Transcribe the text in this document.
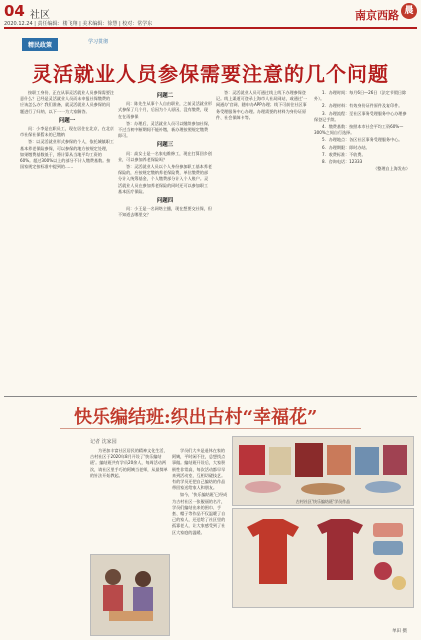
04 社区
2020.12.24 | 责任编辑：楼飞翔 | 美术编辑：徐慧 | 校对：常学东
南京西路 晨
精民政策	学习贯彻
灵活就业人员参保需要注意的几个问题

按职工身份、正在从事灵活就业人员参保需要注意什么？已经是灵活就业人员而未申报社保缴费的应该怎么办？我们准备，就灵活就业人员参保的问题进行了归纳，以下一一为大家解答。

问题一

问：小李是在职员工，现在居住在北京，在北京市社保社保暂未的已缴纳

答：以灵活就业形式参保的个人，依托城镇职工基本养老保险参保，可以参保的地方按规定处理，如果缴费基数低于，将计算从当地平均工资的60%。超过300%以上的部分不计入缴费基数。按国家规定按标准中提到的……

问题二

问：陈先生从事个人自由职业，之前灵活就业形式参保了几个月，后因为个人原因，没有缴费，现在在再参保

答：办理后，灵活就业人员可以继续参加社保，不过当初中断期间不能补缴，新办理按照规定缴费即可。

问题三

问：高女士是一名家电维修工，现在打算回乡创业，可以参加养老保险吗？

答：灵活就业人员以个人身份参加职工基本养老保险的，应按规定缴纳养老保险费，单位缴费的部分计入统筹基金，个人缴费部分计入个人账户。灵活就业人员在参加养老保险的同时还可以参加职工基本医疗保险。

问题四

问：小王是一名网络主播，现在想要交社保，但不知道去哪里交？

答：灵活就业人员可通过线上线下办理参保登记。线上渠道可登录上海市人社局网站，或通过'一网通办'官网、随申办APP办理；线下可前往社区事务受理服务中心办理。办理需要的材料为身份证原件、社会保障卡等。

1．办理时间：每月6日—26日（法定节假日除外）。

2．办理材料：有效身份证件原件及复印件。

3．办理流程：至社区事务受理服务中心办理参保登记手续。

4．缴费基数：按照本市社会平均工资60%—300%之间自行选择。

5．办理地点：各区社区事务受理服务中心。

6．办理期限：即时办结。

7．收费标准：不收费。

8．咨询电话：12333

（整理自上海发布）

快乐编结班:织出古村“幸福花”
记者 沈家园

为更加丰富社区居民的精神文化生活，古村社区于2020年8月开设了'快乐编结班'。编结班共有学员20余人，每周活动两次，请社区里手巧的阿姨当老师，从最简单的针法开始教起。

学员们大多是退休在家的阿姨，平时闲不住，总想找点事做。编结班开设后，大家积极性非常高，每次活动都早早来到活动室，互相切磋技艺。有的学员还把自己编结的作品带回家送给家人和朋友。

如今，'快乐编结班'已经成为古村社区一张靓丽的名片，学员们编结出来的围巾、手套、帽子等作品不仅温暖了自己的家人，还送给了社区里的孤寡老人，让大家感受到了社区大家庭的温暖。

古村社区'快乐编结班'学员作品
单田 摄
